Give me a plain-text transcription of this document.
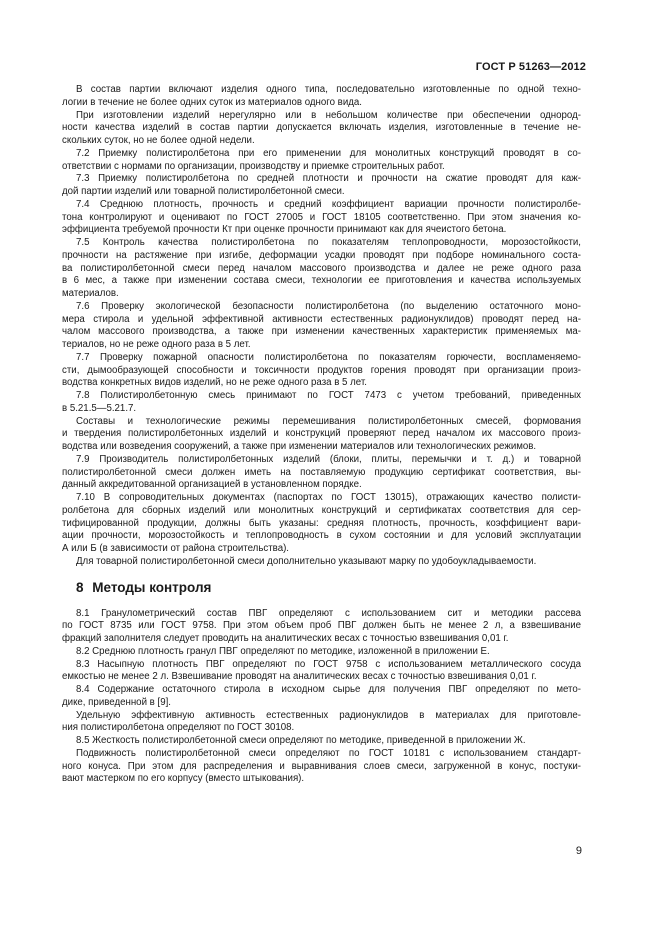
ГОСТ Р 51263—2012
В состав партии включают изделия одного типа, последовательно изготовленные по одной техно-
логии в течение не более одних суток из материалов одного вида.
При изготовлении изделий нерегулярно или в небольшом количестве при обеспечении однород-
ности качества изделий в состав партии допускается включать изделия, изготовленные в течение не-
скольких суток, но не более одной недели.
7.2 Приемку полистиролбетона при его применении для монолитных конструкций проводят в со-
ответствии с нормами по организации, производству и приемке строительных работ.
7.3 Приемку полистиролбетона по средней плотности и прочности на сжатие проводят для каж-
дой партии изделий или товарной полистиролбетонной смеси.
7.4 Среднюю плотность, прочность и средний коэффициент вариации прочности полистиролбе-
тона контролируют и оценивают по ГОСТ 27005 и ГОСТ 18105 соответственно. При этом значения ко-
эффициента требуемой прочности Кт при оценке прочности принимают как для ячеистого бетона.
7.5 Контроль качества полистиролбетона по показателям теплопроводности, морозостойкости,
прочности на растяжение при изгибе, деформации усадки проводят при подборе номинального соста-
ва полистиролбетонной смеси перед началом массового производства и далее не реже одного раза
в 6 мес, а также при изменении состава смеси, технологии ее приготовления и качества используемых
материалов.
7.6 Проверку экологической безопасности полистиролбетона (по выделению остаточного моно-
мера стирола и удельной эффективной активности естественных радионуклидов) проводят перед на-
чалом массового производства, а также при изменении качественных характеристик применяемых ма-
териалов, но не реже одного раза в 5 лет.
7.7 Проверку пожарной опасности полистиролбетона по показателям горючести, воспламеняемо-
сти, дымообразующей способности и токсичности продуктов горения проводят при организации произ-
водства конкретных видов изделий, но не реже одного раза в 5 лет.
7.8 Полистиролбетонную смесь принимают по ГОСТ 7473 с учетом требований, приведенных
в 5.21.5—5.21.7.
Составы и технологические режимы перемешивания полистиролбетонных смесей, формования
и твердения полистиролбетонных изделий и конструкций проверяют перед началом их массового произ-
водства или возведения сооружений, а также при изменении материалов или технологических режимов.
7.9 Производитель полистиролбетонных изделий (блоки, плиты, перемычки и т. д.) и товарной
полистиролбетонной смеси должен иметь на поставляемую продукцию сертификат соответствия, вы-
данный аккредитованной организацией в установленном порядке.
7.10 В сопроводительных документах (паспортах по ГОСТ 13015), отражающих качество полисти-
ролбетона для сборных изделий или монолитных конструкций и сертификатах соответствия для сер-
тифицированной продукции, должны быть указаны: средняя плотность, прочность, коэффициент вари-
ации прочности, морозостойкость и теплопроводность в сухом состоянии и для условий эксплуатации
А или Б (в зависимости от района строительства).
Для товарной полистиролбетонной смеси дополнительно указывают марку по удобоукладываемости.
8 Методы контроля
8.1 Гранулометрический состав ПВГ определяют с использованием сит и методики рассева
по ГОСТ 8735 или ГОСТ 9758. При этом объем проб ПВГ должен быть не менее 2 л, а взвешивание
фракций заполнителя следует проводить на аналитических весах с точностью взвешивания 0,01 г.
8.2 Среднюю плотность гранул ПВГ определяют по методике, изложенной в приложении Е.
8.3 Насыпную плотность ПВГ определяют по ГОСТ 9758 с использованием металлического сосуда
емкостью не менее 2 л. Взвешивание проводят на аналитических весах с точностью взвешивания 0,01 г.
8.4 Содержание остаточного стирола в исходном сырье для получения ПВГ определяют по мето-
дике, приведенной в [9].
Удельную эффективную активность естественных радионуклидов в материалах для приготовле-
ния полистиролбетона определяют по ГОСТ 30108.
8.5 Жесткость полистиролбетонной смеси определяют по методике, приведенной в приложении Ж.
Подвижность полистиролбетонной смеси определяют по ГОСТ 10181 с использованием стандарт-
ного конуса. При этом для распределения и выравнивания слоев смеси, загруженной в конус, постуки-
вают мастерком по его корпусу (вместо штыкования).
9
